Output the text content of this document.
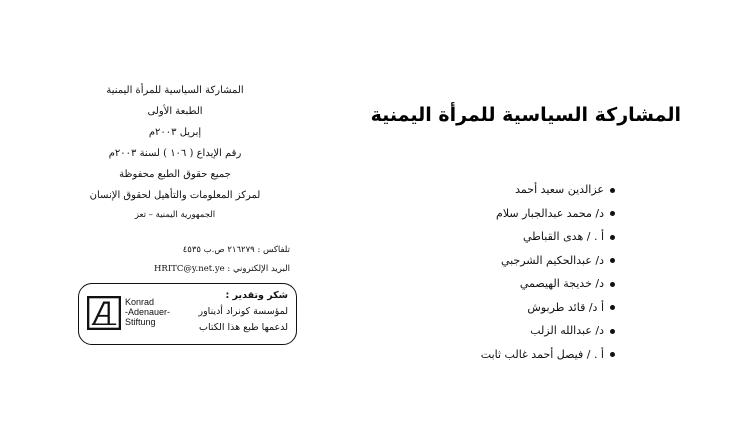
المشاركة السياسية للمرأة اليمنية
الطبعة الأولى
إبريل ٢٠٠٣م
رقم الإيداع ( ١٠٦ ) لسنة ٢٠٠٣م
جميع حقوق الطبع محفوظة
لمركز المعلومات والتأهيل لحقوق الإنسان
الجمهورية اليمنية – تعز
تلفاكس : ٢١٦٢٧٩ ص.ب ٤٥٣٥
البريد الإلكتروني : HRITC@y.net.ye
Konrad
-Adenauer-
Stiftung
شكر وتقدير :
لمؤسسة كونراد أديناور
لدعمها طبع هذا الكتاب
المشاركة السياسية للمرأة اليمنية
عزالدين سعيد أحمد
د/ محمد عبدالجبار سلام
أ . / هدى القباطي
د/ عبدالحكيم الشرجبي
د/ خديجة الهيصمي
أ د/ قائد طربوش
د/ عبدالله الزلب
أ . / فيصل أحمد غالب ثابت
